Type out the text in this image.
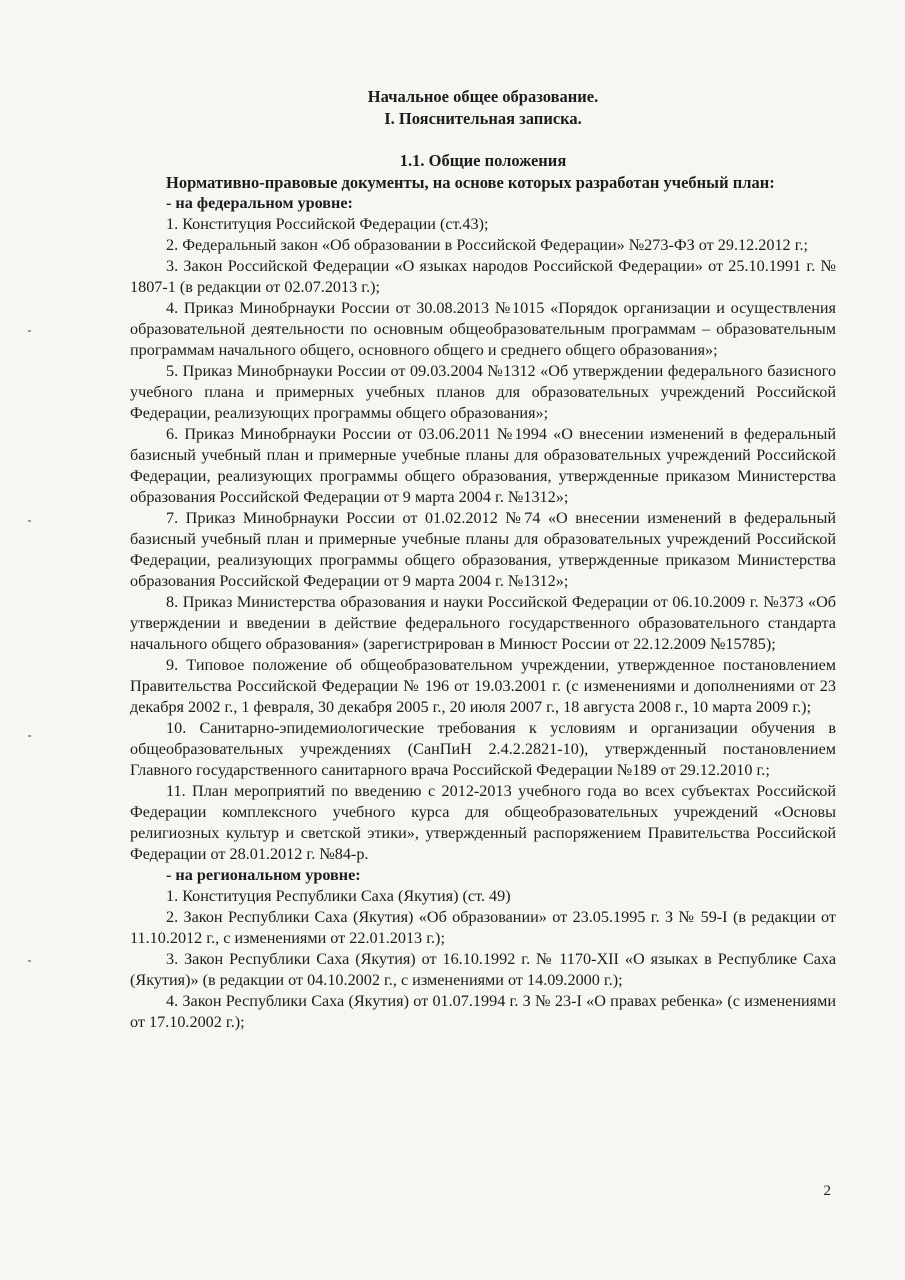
Начальное общее образование.
I. Пояснительная записка.
1.1. Общие положения
Нормативно-правовые документы, на основе которых разработан учебный план:
- на федеральном уровне:

1. Конституция Российской Федерации (ст.43);

2. Федеральный закон «Об образовании в Российской Федерации» №273-ФЗ от 29.12.2012 г.;

3. Закон Российской Федерации «О языках народов Российской Федерации» от 25.10.1991 г. № 1807-1 (в редакции от 02.07.2013 г.);

4. Приказ Минобрнауки России от 30.08.2013 №1015 «Порядок организации и осуществления образовательной деятельности по основным общеобразовательным программам – образовательным программам начального общего, основного общего и среднего общего образования»;

5. Приказ Минобрнауки России от 09.03.2004 №1312 «Об утверждении федерального базисного учебного плана и примерных учебных планов для образовательных учреждений Российской Федерации, реализующих программы общего образования»;

6. Приказ Минобрнауки России от 03.06.2011 №1994 «О внесении изменений в федеральный базисный учебный план и примерные учебные планы для образовательных учреждений Российской Федерации, реализующих программы общего образования, утвержденные приказом Министерства образования Российской Федерации от 9 марта 2004 г. №1312»;

7. Приказ Минобрнауки России от 01.02.2012 №74 «О внесении изменений в федеральный базисный учебный план и примерные учебные планы для образовательных учреждений Российской Федерации, реализующих программы общего образования, утвержденные приказом Министерства образования Российской Федерации от 9 марта 2004 г. №1312»;

8. Приказ Министерства образования и науки Российской Федерации от 06.10.2009 г. №373 «Об утверждении и введении в действие федерального государственного образовательного стандарта начального общего образования» (зарегистрирован в Минюст России от 22.12.2009 №15785);

9. Типовое положение об общеобразовательном учреждении, утвержденное постановлением Правительства Российской Федерации № 196 от 19.03.2001 г. (с изменениями и дополнениями от 23 декабря 2002 г., 1 февраля, 30 декабря 2005 г., 20 июля 2007 г., 18 августа 2008 г., 10 марта 2009 г.);

10. Санитарно-эпидемиологические требования к условиям и организации обучения в общеобразовательных учреждениях (СанПиН 2.4.2.2821-10), утвержденный постановлением Главного государственного санитарного врача Российской Федерации №189 от 29.12.2010 г.;

11. План мероприятий по введению с 2012-2013 учебного года во всех субъектах Российской Федерации комплексного учебного курса для общеобразовательных учреждений «Основы религиозных культур и светской этики», утвержденный распоряжением Правительства Российской Федерации от 28.01.2012 г. №84-р.

- на региональном уровне:

1. Конституция Республики Саха (Якутия) (ст. 49)

2. Закон Республики Саха (Якутия) «Об образовании» от 23.05.1995 г. З № 59-I (в редакции от 11.10.2012 г., с изменениями от 22.01.2013 г.);

3. Закон Республики Саха (Якутия) от 16.10.1992 г. № 1170-XII «О языках в Республике Саха (Якутия)» (в редакции от 04.10.2002 г., с изменениями от 14.09.2000 г.);

4. Закон Республики Саха (Якутия) от 01.07.1994 г. З № 23-I «О правах ребенка» (с изменениями от 17.10.2002 г.);

2
